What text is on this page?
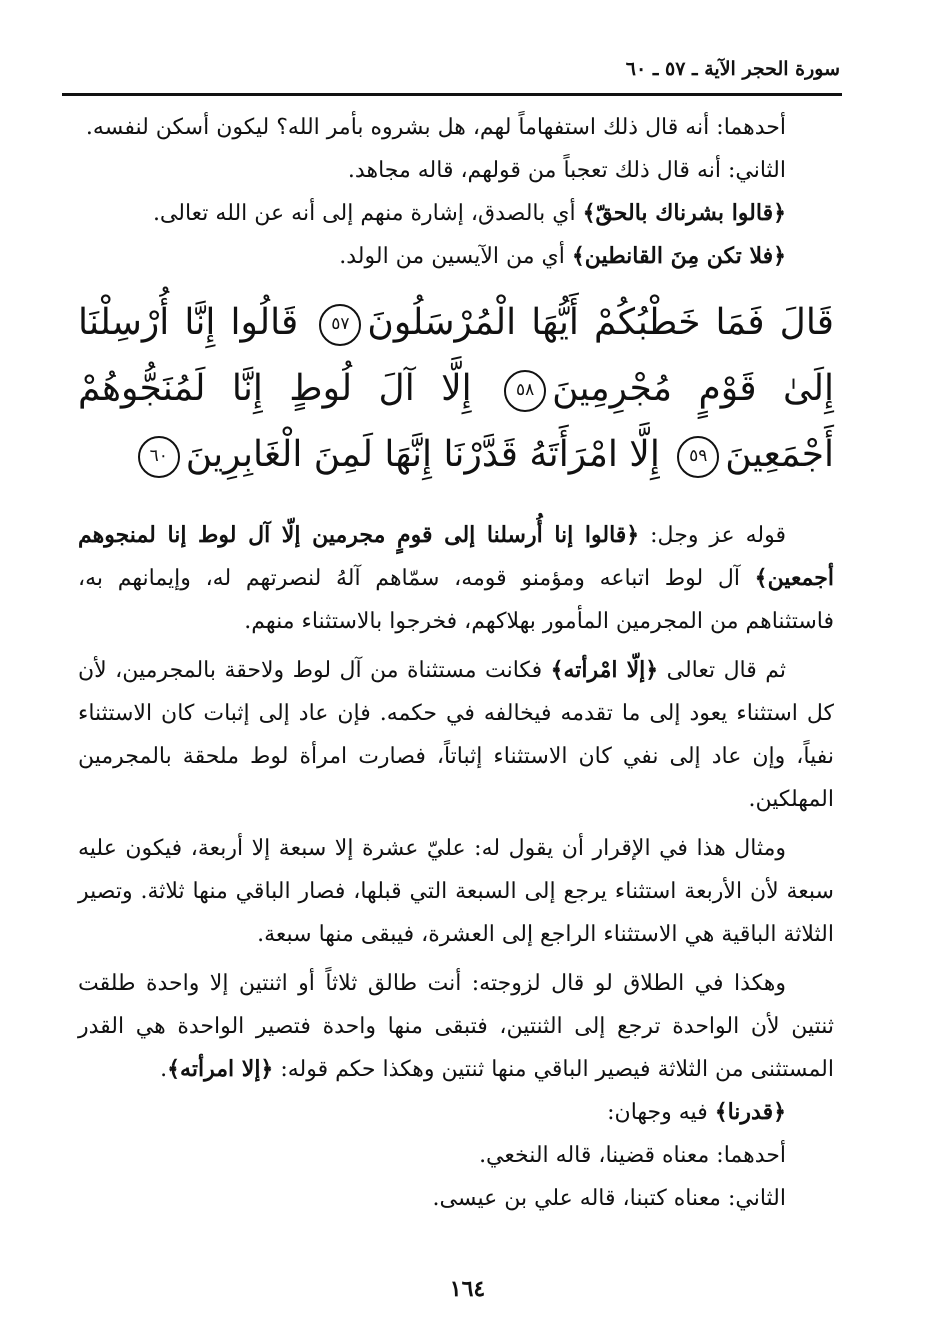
سورة الحجر الآية ـ ٥٧ ـ ٦٠

أحدهما: أنه قال ذلك استفهاماً لهم، هل بشروه بأمر الله؟ ليكون أسكن لنفسه.

الثاني: أنه قال ذلك تعجباً من قولهم، قاله مجاهد.

﴿قالوا بشرناك بالحقّ﴾ أي بالصدق، إشارة منهم إلى أنه عن الله تعالى.

﴿فلا تكن مِنَ القانطين﴾ أي من الآيسين من الولد.

قَالَ فَمَا خَطْبُكُمْ أَيُّهَا الْمُرْسَلُونَ٥٧ قَالُوا إِنَّا أُرْسِلْنَا إِلَىٰ قَوْمٍ مُجْرِمِينَ٥٨ إِلَّا آلَ لُوطٍ إِنَّا لَمُنَجُّوهُمْ أَجْمَعِينَ٥٩ إِلَّا امْرَأَتَهُ قَدَّرْنَا إِنَّهَا لَمِنَ الْغَابِرِينَ٦٠

قوله عز وجل: ﴿قالوا إنا أُرسلنا إلى قومٍ مجرمين إلّا آل لوط إنا لمنجوهم أجمعين﴾ آل لوط اتباعه ومؤمنو قومه، سمّاهم آلهُ لنصرتهم له، وإيمانهم به، فاستثناهم من المجرمين المأمور بهلاكهم، فخرجوا بالاستثناء منهم.

ثم قال تعالى ﴿إلّا امْرأته﴾ فكانت مستثناة من آل لوط ولاحقة بالمجرمين، لأن كل استثناء يعود إلى ما تقدمه فيخالفه في حكمه. فإن عاد إلى إثبات كان الاستثناء نفياً، وإن عاد إلى نفي كان الاستثناء إثباتاً، فصارت امرأة لوط ملحقة بالمجرمين المهلكين.

ومثال هذا في الإقرار أن يقول له: عليّ عشرة إلا سبعة إلا أربعة، فيكون عليه سبعة لأن الأربعة استثناء يرجع إلى السبعة التي قبلها، فصار الباقي منها ثلاثة. وتصير الثلاثة الباقية هي الاستثناء الراجع إلى العشرة، فيبقى منها سبعة.

وهكذا في الطلاق لو قال لزوجته: أنت طالق ثلاثاً أو اثنتين إلا واحدة طلقت ثنتين لأن الواحدة ترجع إلى الثنتين، فتبقى منها واحدة فتصير الواحدة هي القدر المستثنى من الثلاثة فيصير الباقي منها ثنتين وهكذا حكم قوله: ﴿إلا امرأته﴾.

﴿قدرنا﴾ فيه وجهان:

أحدهما: معناه قضينا، قاله النخعي.

الثاني: معناه كتبنا، قاله علي بن عيسى.

١٦٤
